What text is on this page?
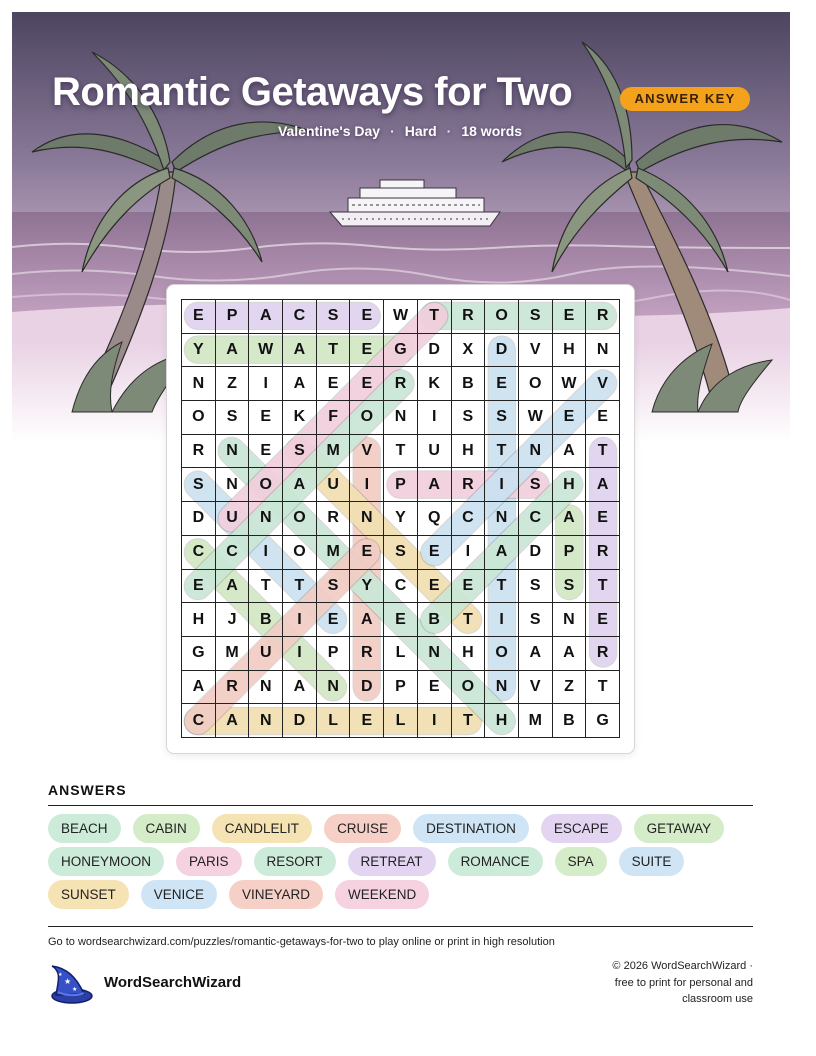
Romantic Getaways for Two	ANSWER KEY
Valentine's Day · Hard · 18 words
E	P	A	C	S	E	W	T	R	O	S	E	R
Y	A	W	A	T	E	G	D	X	D	V	H	N
N	Z	I	A	E	E	R	K	B	E	O	W	V
O	S	E	K	F	O	N	I	S	S	W	E	E
R	N	E	S	M	V	T	U	H	T	N	A	T
S	N	O	A	U	I	P	A	R	I	S	H	A
D	U	N	O	R	N	Y	Q	C	N	C	A	E
C	C	I	O	M	E	S	E	I	A	D	P	R
E	A	T	T	S	Y	C	E	E	T	S	S	T
H	J	B	I	E	A	E	B	T	I	S	N	E
G	M	U	I	P	R	L	N	H	O	A	A	R
A	R	N	A	N	D	P	E	O	N	V	Z	T
C	A	N	D	L	E	L	I	T	H	M	B	G
ANSWERS
BEACH	CABIN	CANDLELIT	CRUISE	DESTINATION	ESCAPE	GETAWAY
HONEYMOON	PARIS	RESORT	RETREAT	ROMANCE	SPA	SUITE
SUNSET	VENICE	VINEYARD	WEEKEND
Go to wordsearchwizard.com/puzzles/romantic-getaways-for-two to play online or print in high resolution
★
★
★	WordSearchWizard
© 2026 WordSearchWizard ·
free to print for personal and
classroom use
